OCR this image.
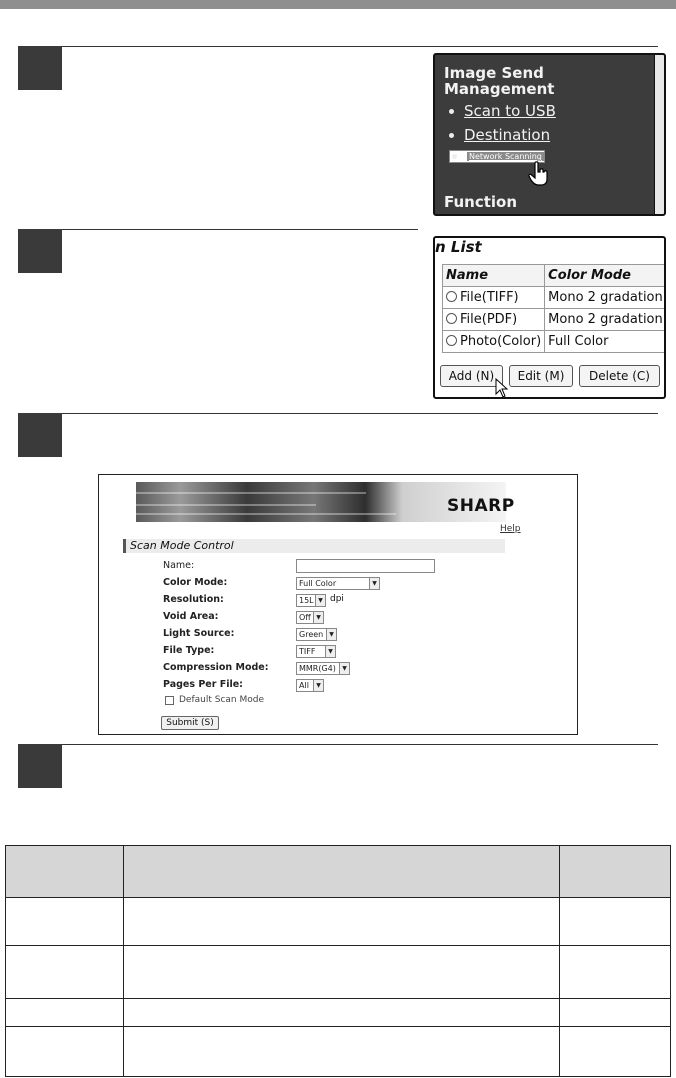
Image Send
Management
Scan to USB
Destination
Network Scanning
Function
n List
Name	Color Mode
File(TIFF)	Mono 2 gradation
File(PDF)	Mono 2 gradation
Photo(Color)	Full Color
Add (N)	Edit (M)	Delete (C)
SHARP
Help
Scan Mode Control
Name:
Color Mode:	Full Color	▼
Resolution:	15L ▼ dpi
Void Area:	Off ▼
Light Source:	Green ▼
File Type:	TIFF	▼
Compression Mode:	MMR(G4)	▼
Pages Per File:	All	▼
Default Scan Mode
Submit (S)
